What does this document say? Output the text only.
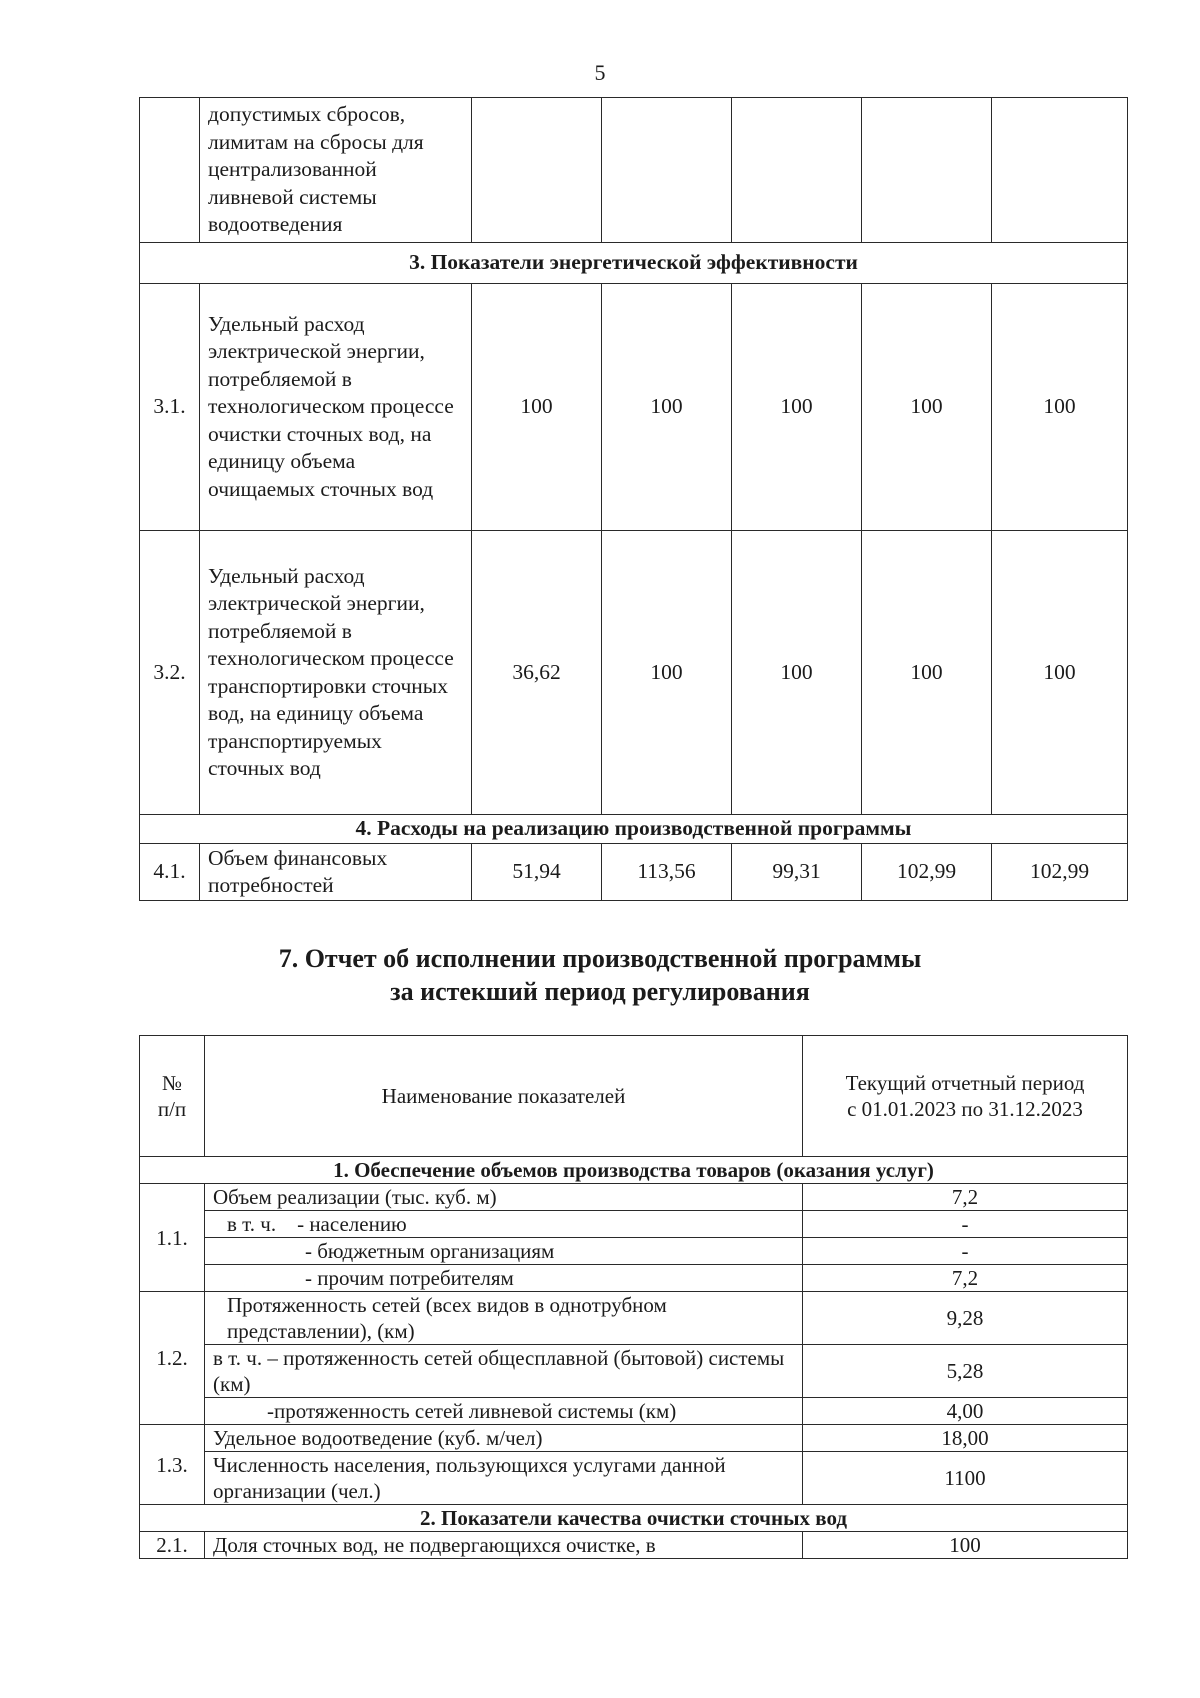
5
	допустимых сбросов, лимитам на сбросы для централизованной ливневой системы водоотведения					
3. Показатели энергетической эффективности						
3.1.	Удельный расход электрической энергии, потребляемой в технологическом процессе очистки сточных вод, на единицу объема очищаемых сточных вод	100	100	100	100	100
3.2.	Удельный расход электрической энергии, потребляемой в технологическом процессе транспортировки сточных вод, на единицу объема транспортируемых сточных вод	36,62	100	100	100	100
4. Расходы на реализацию производственной программы						
4.1.	Объем финансовых потребностей	51,94	113,56	99,31	102,99	102,99
7. Отчет об исполнении производственной программы
за истекший период регулирования
№ п/п	Наименование показателей	Текущий отчетный период с 01.01.2023 по 31.12.2023
1. Обеспечение объемов производства товаров (оказания услуг)		
1.1.	Объем реализации (тыс. куб. м)	7,2
	в т. ч.    - населению	-
	- бюджетным организациям	-
	- прочим потребителям	7,2
1.2.	Протяженность сетей (всех видов в однотрубном представлении), (км)	9,28
	в т. ч. – протяженность сетей общесплавной (бытовой) системы (км)	5,28
	-протяженность сетей ливневой системы (км)	4,00
1.3.	Удельное водоотведение (куб. м/чел)	18,00
	Численность населения, пользующихся услугами данной организации (чел.)	1100
2. Показатели качества очистки сточных вод		
2.1.	Доля сточных вод, не подвергающихся очистке, в	100
